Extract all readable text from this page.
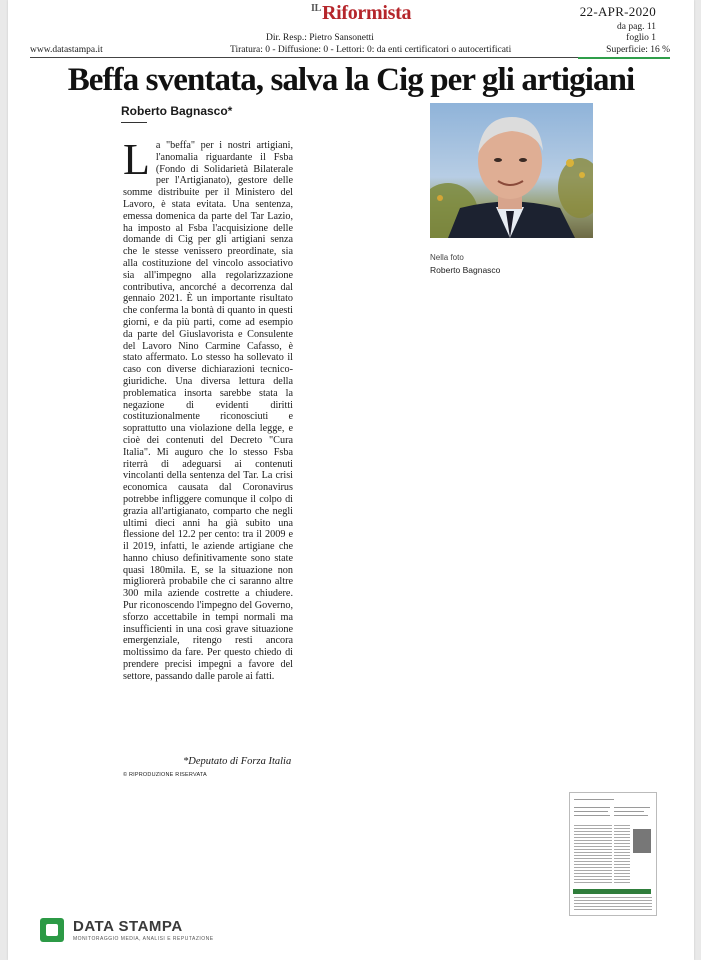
$^{IL}$Riformista	22-APR-2020
da pag. 11
foglio 1
Dir. Resp.: Pietro Sansonetti
www.datastampa.it	Tiratura: 0 - Diffusione: 0 - Lettori: 0: da enti certificatori o autocertificati	Superficie: 16 %
Beffa sventata, salva la Cig per gli artigiani
Roberto Bagnasco*
La "beffa" per i nostri artigiani, l'anomalia riguardante il Fsba (Fondo di Solidarietà Bilaterale per l'Artigianato), gestore delle somme distribuite per il Ministero del Lavoro, è stata evitata. Una sentenza, emessa domenica da parte del Tar Lazio, ha imposto al Fsba l'acquisizione delle domande di Cig per gli artigiani senza che le stesse venissero preordinate, sia alla costituzione del vincolo associativo sia all'impegno alla regolarizzazione contributiva, ancorché a decorrenza dal gennaio 2021. È un importante risultato che conferma la bontà di quanto in questi giorni, e da più parti, come ad esempio da parte del Giuslavorista e Consulente del Lavoro Nino Carmine Cafasso, è stato affermato. Lo stesso ha sollevato il caso con diverse dichiarazioni tecnico-giuridiche. Una diversa lettura della problematica insorta sarebbe stata la negazione di evidenti diritti costituzionalmente riconosciuti e soprattutto una violazione della legge, e cioè dei contenuti del Decreto "Cura Italia". Mi auguro che lo stesso Fsba riterrà di adeguarsi ai contenuti vincolanti della sentenza del Tar. La crisi economica causata dal Coronavirus potrebbe infliggere comunque il colpo di grazia all'artigianato, comparto che negli ultimi dieci anni ha già subito una flessione del 12.2 per cento: tra il 2009 e il 2019, infatti, le aziende artigiane che hanno chiuso definitivamente sono state quasi 180mila. E, se la situazione non migliorerà probabile che ci saranno altre 300 mila aziende costrette a chiudere. Pur riconoscendo l'impegno del Governo, sforzo accettabile in tempi normali ma insufficienti in una così grave situazione emergenziale, ritengo resti ancora moltissimo da fare. Per questo chiedo di prendere precisi impegni a favore del settore, passando dalle parole ai fatti.
*Deputato di Forza Italia
© RIPRODUZIONE RISERVATA
Nella foto
Roberto Bagnasco
DATA STAMPA
MONITORAGGIO MEDIA, ANALISI E REPUTAZIONE
